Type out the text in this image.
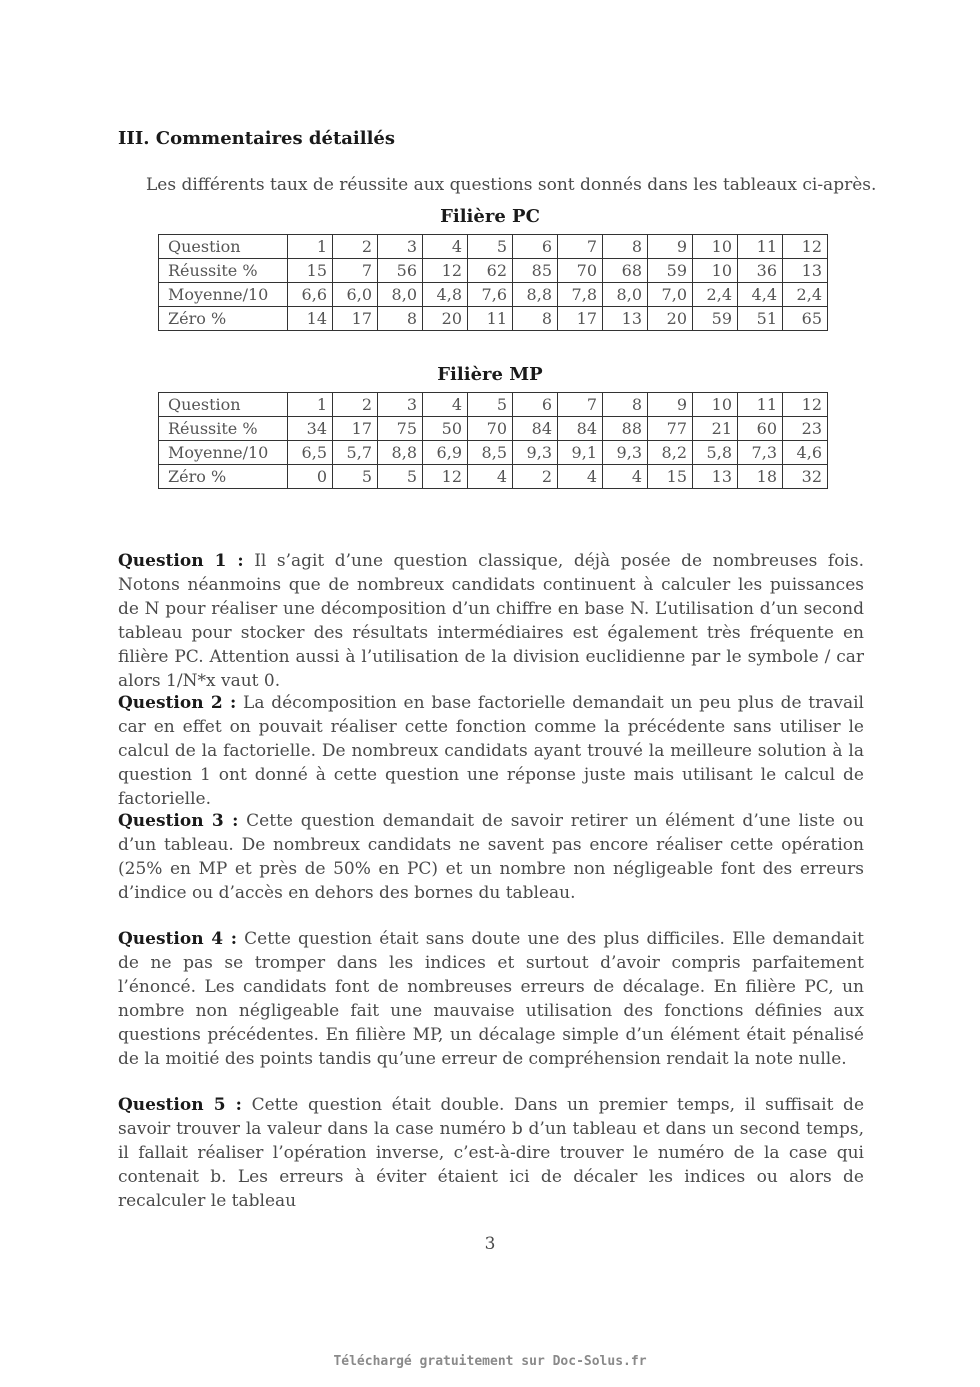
III. Commentaires détaillés

Les différents taux de réussite aux questions sont donnés dans les tableaux ci-après.

Filière PC
Question	1	2	3	4	5	6	7	8	9	10	11	12
Réussite %	15	7	56	12	62	85	70	68	59	10	36	13
Moyenne/10	6,6	6,0	8,0	4,8	7,6	8,8	7,8	8,0	7,0	2,4	4,4	2,4
Zéro %	14	17	8	20	11	8	17	13	20	59	51	65
Filière MP
Question	1	2	3	4	5	6	7	8	9	10	11	12
Réussite %	34	17	75	50	70	84	84	88	77	21	60	23
Moyenne/10	6,5	5,7	8,8	6,9	8,5	9,3	9,1	9,3	8,2	5,8	7,3	4,6
Zéro %	0	5	5	12	4	2	4	4	15	13	18	32

Question 1 : Il s’agit d’une question classique, déjà posée de nombreuses fois. Notons néanmoins que de nombreux candidats continuent à calculer les puissances de N pour réaliser une décomposition d’un chiffre en base N. L’utilisation d’un second tableau pour stocker des résultats intermédiaires est également très fréquente en filière PC. Attention aussi à l’utilisation de la division euclidienne par le symbole / car alors 1/N*x vaut 0.

Question 2 : La décomposition en base factorielle demandait un peu plus de travail car en effet on pouvait réaliser cette fonction comme la précédente sans utiliser le calcul de la factorielle. De nombreux candidats ayant trouvé la meilleure solution à la question 1 ont donné à cette question une réponse juste mais utilisant le calcul de factorielle.

Question 3 : Cette question demandait de savoir retirer un élément d’une liste ou d’un tableau. De nombreux candidats ne savent pas encore réaliser cette opération (25% en MP et près de 50% en PC) et un nombre non négligeable font des erreurs d’indice ou d’accès en dehors des bornes du tableau.

Question 4 : Cette question était sans doute une des plus difficiles. Elle demandait de ne pas se tromper dans les indices et surtout d’avoir compris parfaitement l’énoncé. Les candidats font de nombreuses erreurs de décalage. En filière PC, un nombre non négligeable fait une mauvaise utilisation des fonctions définies aux questions précédentes. En filière MP, un décalage simple d’un élément était pénalisé de la moitié des points tandis qu’une erreur de compréhension rendait la note nulle.

Question 5 : Cette question était double. Dans un premier temps, il suffisait de savoir trouver la valeur dans la case numéro b d’un tableau et dans un second temps, il fallait réaliser l’opération inverse, c’est-à-dire trouver le numéro de la case qui contenait b. Les erreurs à éviter étaient ici de décaler les indices ou alors de recalculer le tableau

3

Téléchargé gratuitement sur Doc-Solus.fr
